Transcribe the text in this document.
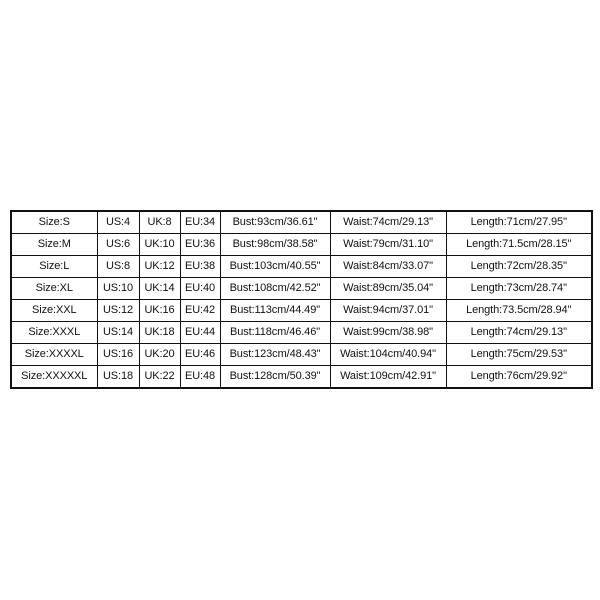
Size:S	US:4	UK:8	EU:34	Bust:93cm/36.61"	Waist:74cm/29.13"	Length:71cm/27.95"
Size:M	US:6	UK:10	EU:36	Bust:98cm/38.58"	Waist:79cm/31.10"	Length:71.5cm/28.15"
Size:L	US:8	UK:12	EU:38	Bust:103cm/40.55"	Waist:84cm/33.07"	Length:72cm/28.35"
Size:XL	US:10	UK:14	EU:40	Bust:108cm/42.52"	Waist:89cm/35.04"	Length:73cm/28.74"
Size:XXL	US:12	UK:16	EU:42	Bust:113cm/44.49"	Waist:94cm/37.01"	Length:73.5cm/28.94"
Size:XXXL	US:14	UK:18	EU:44	Bust:118cm/46.46"	Waist:99cm/38.98"	Length:74cm/29.13"
Size:XXXXL	US:16	UK:20	EU:46	Bust:123cm/48.43"	Waist:104cm/40.94"	Length:75cm/29.53"
Size:XXXXXL	US:18	UK:22	EU:48	Bust:128cm/50.39"	Waist:109cm/42.91"	Length:76cm/29.92"
